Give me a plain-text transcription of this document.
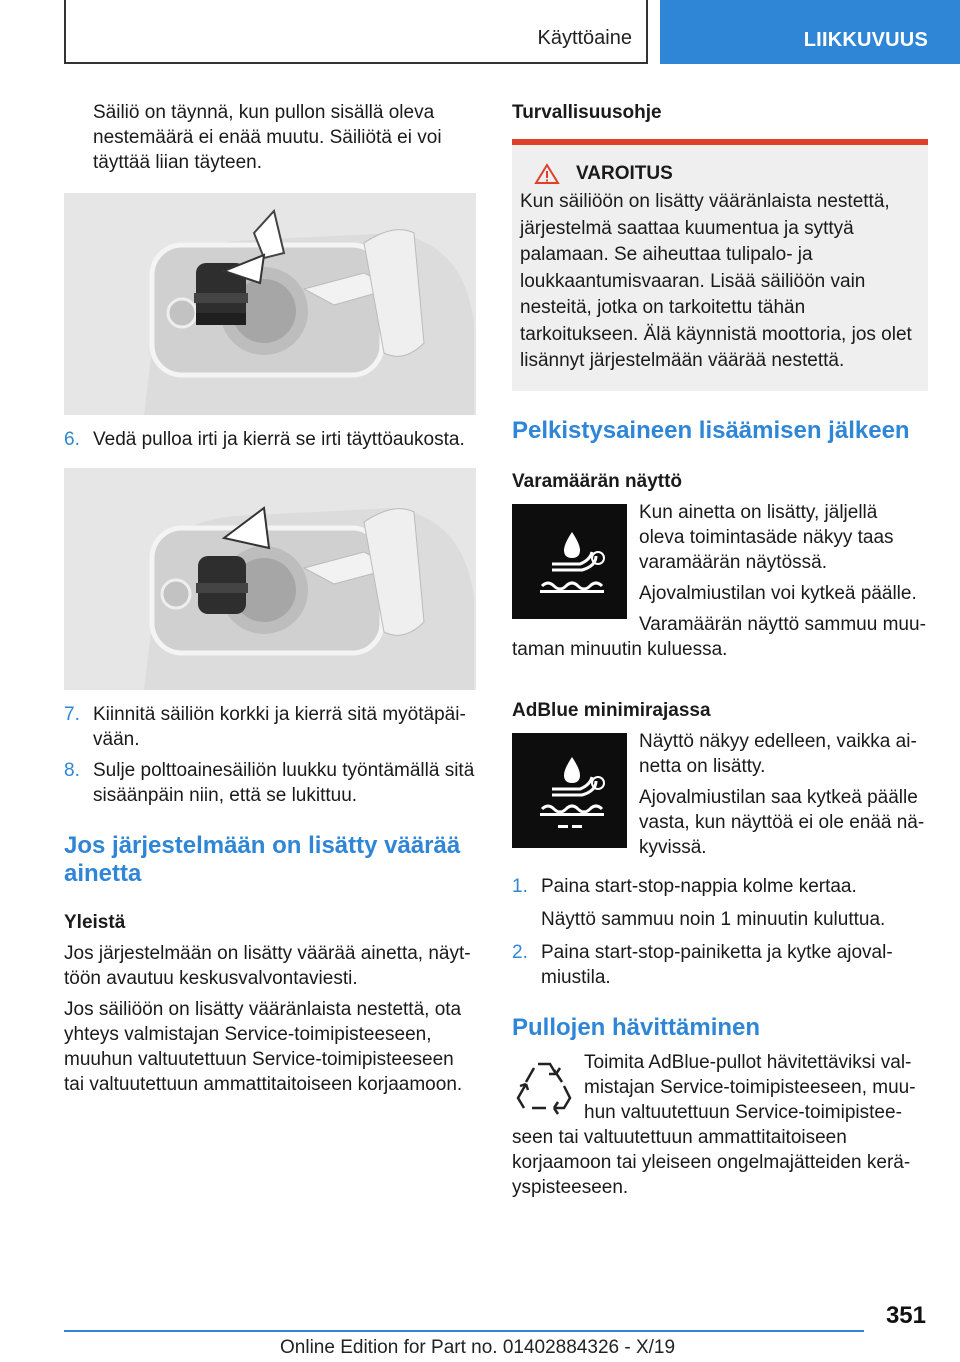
Käyttöaine	LIIKKUVUUS

Säiliö on täynnä, kun pullon sisällä oleva nestemäärä ei enää muutu. Säiliötä ei voi täyttää liian täyteen.

6. Vedä pulloa irti ja kierrä se irti täyttöaukosta.
7. Kiinnitä säiliön korkki ja kierrä sitä myötäpäivään.
8. Sulje polttoainesäiliön luukku työntämällä sitä sisäänpäin niin, että se lukittuu.
Jos järjestelmään on lisätty väärää ainetta
Yleistä

Jos järjestelmään on lisätty väärää ainetta, näyttöön avautuu keskusvalvontaviesti.

Jos säiliöön on lisätty vääränlaista nestettä, ota yhteys valmistajan Service-toimipisteeseen, muuhun valtuutettuun Service-toimipisteeseen tai valtuutettuun ammattitaitoiseen korjaamoon.

Turvallisuusohje
VAROITUS

Kun säiliöön on lisätty vääränlaista nestettä, järjestelmä saattaa kuumentua ja syttyä palamaan. Se aiheuttaa tulipalo- ja loukkaantumisvaaran. Lisää säiliöön vain nesteitä, jotka on tarkoitettu tähän tarkoitukseen. Älä käynnistä moottoria, jos olet lisännyt järjestelmään väärää nestettä.

Pelkistysaineen lisäämisen jälkeen
Varamäärän näyttö

Kun ainetta on lisätty, jäljellä oleva toimintasäde näkyy taas varamäärän näytössä.

Ajovalmiustilan voi kytkeä päälle.

Varamäärän näyttö sammuu muutaman minuutin kuluessa.

AdBlue minimirajassa

Näyttö näkyy edelleen, vaikka ainetta on lisätty.

Ajovalmiustilan saa kytkeä päälle vasta, kun näyttöä ei ole enää näkyvissä.

1. Paina start-stop-nappia kolme kertaa.

Näyttö sammuu noin 1 minuutin kuluttua.

2. Paina start-stop-painiketta ja kytke ajovalmiustila.
Pullojen hävittäminen

Toimita AdBlue-pullot hävitettäviksi valmistajan Service-toimipisteeseen, muuhun valtuutettuun Service-toimipisteeseen tai valtuutettuun ammattitaitoiseen korjaamoon tai yleiseen ongelmajätteiden keräyspisteeseen.

351
Online Edition for Part no. 01402884326 - X/19
